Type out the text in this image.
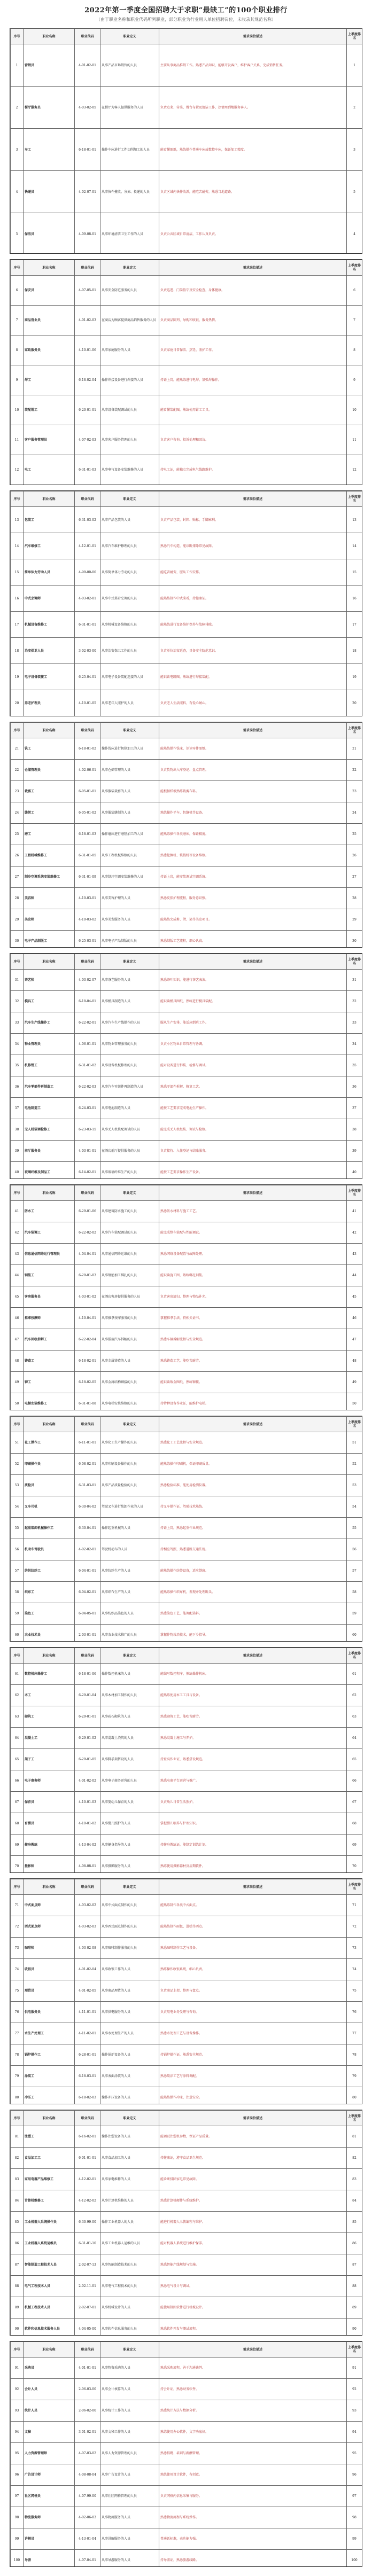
2022年第一季度全国招聘大于求职“最缺工”的100个职业排行
（由于职业名称和职业代码所列职业，部分职业为行业用人单位招聘岗位，未收录其规范名称）
序号	职业名称	职业代码	职业定义	需求岗位描述	上季度排名
1	营销员	4-01-02-01	从事产品市场销售的人员	主要从事商品推销工作。熟悉产品知识，能够开发客户，维护客户关系，完成销售任务。	1
2	餐厅服务员	4-03-02-05	在餐厅为客人提供服务的人员	负责点菜、传菜、餐台布置及清洁工作，热情周到地服务客人。	2
3	车工	6-18-01-01	操作车床进行工件切削加工的人员	能看懂图纸，熟练操作普通车床或数控车床，保证加工精度。	3
4	快递员	4-02-07-01	从事快件揽收、分拣、投递的人员	负责区域内快件收派，能吃苦耐劳，熟悉当地道路。	5
5	保洁员	4-09-08-01	从事环境清洁卫生工作的人员	负责公共区域日常清洁，工作认真负责。	4
序号	职业名称	职业代码	职业定义	需求岗位描述	上季度排名
6	保安员	4-07-05-01	从事安全防范服务的人员	负责巡逻、门岗值守及安全检查，身体健康。	6
7	商品营业员	4-01-02-03	在商店为顾客提供商品销售服务的人员	负责商品陈列、导购和收银，服务热情。	7
8	家政服务员	4-10-01-06	从事家庭服务的人员	负责家庭日常保洁、烹饪、照护工作。	8
9	焊工	6-18-02-04	操作焊接设备进行焊接的人员	持证上岗，能熟练进行电焊、氩弧焊操作。	9
10	装配钳工	6-20-01-01	从事设备装配调试的人员	能看懂装配图，熟练使用钳工工具。	10
11	客户服务管理员	4-07-02-03	从事客户服务管理的人员	负责客户咨询、投诉处理和回访。	11
12	电工	6-31-01-03	从事电气设备安装维修的人员	持电工证，能独立完成电气线路维护。	12
序号	职业名称	职业代码	职业定义	需求岗位描述	上季度排名
13	包装工	6-31-03-02	从事产品包装的人员	负责产品包装、封箱、贴标，手脚麻利。	13
14	汽车维修工	4-12-01-01	从事汽车维护修理的人员	熟悉汽车构造，能诊断排除常见故障。	14
15	简单体力劳动人员	4-99-00-00	从事简单体力劳动的人员	能吃苦耐劳，服从工作安排。	15
16	中式烹调师	4-03-02-01	从事中式菜肴烹调的人员	能熟练制作中式菜肴，持健康证。	16
17	机械设备维修工	6-31-01-01	从事机械设备维修的人员	能熟练进行设备维护保养与故障排除。	17
18	治安保卫人员	3-02-03-00	从事治安保卫工作的人员	负责单位治安巡查，具备安全防范意识。	18
19	电子设备装接工	6-25-04-01	从事电子设备装配连接的人员	能识读电路图，熟练进行焊接装配。	19
20	养老护理员	4-10-01-05	从事老年人照护的人员	负责老人生活照料，有爱心耐心。	20
序号	职业名称	职业代码	职业定义	需求岗位描述	上季度排名
21	铣工	6-18-01-02	操作铣床进行切削加工的人员	能熟练操作铣床，识读零件图纸。	21
22	仓储管理员	4-02-06-01	从事仓储管理的人员	负责货物出入库登记、盘点管理。	22
23	裁剪工	6-05-01-01	从事服装裁剪的人员	能根据样板熟练裁剪布料。	23
24	缝纫工	6-05-01-02	从事服装缝制的人员	熟练操作平车、包缝机等设备。	24
25	磨工	6-18-01-03	操作磨床进行磨削加工的人员	能熟练操作各类磨床，保证精度。	25
26	工程机械维修工	6-31-01-05	从事工程机械维修的人员	熟悉挖掘机、装载机等设备维修。	26
27	制冷空调系统安装维修工	6-31-01-09	从事制冷空调安装维修的人员	持证上岗，能安装调试空调系统。	27
28	美容师	4-10-03-01	从事美容护理的人员	熟悉皮肤护理流程，服务意识强。	28
29	美发师	4-10-03-02	从事美发服务的人员	能熟练完成剪、烫、染等美发项目。	29
30	电子产品制版工	6-25-03-01	从事电子产品制版的人员	熟悉制版工艺流程，细心认真。	30
序号	职业名称	职业代码	职业定义	需求岗位描述	上季度排名
31	茶艺师	4-03-02-07	从事茶艺服务的人员	熟悉茶叶知识，能进行茶艺表演。	31
32	模具工	6-18-04-01	从事模具制造的人员	能识读模具图纸，熟练进行模具装配。	32
33	汽车生产线操作工	6-22-02-01	从事汽车生产线操作的人员	服从生产安排，能适应倒班工作。	33
34	物业管理员	4-06-01-01	从事物业管理服务的人员	负责小区物业日常管理与协调。	34
35	机修钳工	6-31-01-02	从事设备机械修理的人员	能对设备进行拆装、检修与调试。	35
36	汽车零部件再制造工	6-22-02-03	从事汽车零部件再制造的人员	熟悉零部件拆解、修复工艺。	36
37	电池制造工	6-24-03-01	从事电池制造的人员	能按工艺要求完成电池生产操作。	37
38	无人机装调检修工	6-23-03-15	从事无人机装配调试的人员	能完成无人机组装、调试与检修。	38
39	前厅服务员	4-03-01-01	在酒店前厅提供服务的人员	负责接待、入住登记与结账服务。	39
40	玻璃纤维及制品工	6-14-02-01	从事玻璃纤维生产的人员	能按工艺要求操作生产设备。	40
序号	职业名称	职业代码	职业定义	需求岗位描述	上季度排名
41	防水工	6-29-01-06	从事建筑防水施工的人员	熟悉防水材料与施工工艺。	41
42	汽车装调工	6-22-02-02	从事汽车装配调试的人员	能完成整车装配与性能调试。	42
43	信息通信网络运行管理员	4-04-04-01	从事通信网络运维的人员	熟悉网络设备配置与故障处理。	43
44	钢筋工	6-29-01-03	从事钢筋加工绑扎的人员	能识读施工图，熟练绑扎钢筋。	44
45	客房服务员	4-03-01-02	在酒店客房提供服务的人员	负责客房清扫、整理与物品补充。	45
46	推拿按摩师	4-10-04-01	从事推拿按摩服务的人员	掌握推拿手法，持相关证书。	46
47	汽车回收拆解工	6-22-02-04	从事报废汽车拆解的人员	熟悉车辆拆解流程与安全规范。	47
48	铸造工	6-18-02-01	从事金属铸造的人员	熟悉铸造工艺，能吃苦耐劳。	48
49	铆工	6-18-02-05	从事金属结构铆接的人员	能识读钣金图纸，熟练铆接。	49
50	电梯安装维修工	6-31-01-08	从事电梯安装维修的人员	持特种设备作业证，能维护电梯。	50
序号	职业名称	职业代码	职业定义	需求岗位描述	上季度排名
51	化工操作工	6-11-01-01	从事化工生产操作的人员	熟悉化工工艺流程与安全规范。	51
52	印刷操作员	6-08-02-01	从事印刷设备操作的人员	能熟练操作印刷机，保证印刷质量。	52
53	质检员	6-31-03-01	从事产品质量检验的人员	熟悉检验标准，能使用检测仪器。	53
54	叉车司机	6-30-04-02	驾驶叉车进行装卸作业的人员	持叉车操作证，驾驶技术熟练。	54
55	起重装卸机械操作工	6-30-04-01	操作起重机械的人员	持证上岗，熟悉起重作业规范。	55
56	机动车驾驶员	4-02-02-01	驾驶机动车的人员	持相应驾照，熟悉道路交通法规。	56
57	纺织纺纱工	6-04-01-01	从事纺纱生产的人员	能熟练操作纺纱设备，适应倒班。	57
58	织布工	6-04-02-01	从事织布生产的人员	能熟练操作织布机，发现并处理断头。	58
59	染色工	6-04-05-01	从事纺织品染色的人员	熟悉染色工艺，能调配染料。	59
60	农业技术员	2-03-01-01	从事农业技术推广的人员	掌握作物栽培技术，能下乡指导。	60
序号	职业名称	职业代码	职业定义	需求岗位描述	上季度排名
61	数控机床操作工	6-18-01-06	操作数控机床的人员	能编写数控程序，熟练操作机床。	61
62	木工	6-29-01-04	从事木材加工制作的人员	能熟练使用木工工具与设备。	62
63	砌筑工	6-29-01-01	从事砖石砌筑的人员	熟悉砌筑工艺，能吃苦耐劳。	63
64	混凝土工	6-29-01-02	从事混凝土浇筑的人员	熟悉混凝土施工与养护。	64
65	架子工	6-29-01-05	从事脚手架搭设的人员	持登高作业证，熟悉搭设规范。	65
66	电子商务师	4-01-02-02	从事电子商务运营的人员	熟悉电商平台运营与推广。	66
67	保育员	4-10-01-03	从事婴幼儿保育的人员	负责幼儿日常生活照护。	67
68	育婴员	4-10-01-02	从事婴儿照护的人员	掌握婴儿喂养与护理知识。	68
69	健身教练	4-13-04-02	从事健身指导的人员	持健身教练证，能制定训练计划。	69
70	摄影师	4-08-08-01	从事摄影服务的人员	熟练使用摄影器材及后期软件。	70
序号	职业名称	职业代码	职业定义	需求岗位描述	上季度排名
71	中式面点师	4-03-02-02	从事中式面点制作的人员	能熟练制作各类中式面点。	71
72	西式面点师	4-03-02-03	从事西式面点制作的人员	能熟练制作面包、蛋糕等西点。	72
73	咖啡师	4-03-02-08	从事咖啡制作服务的人员	熟悉咖啡制作工艺与设备。	73
74	收银员	4-01-02-04	从事收银工作的人员	熟练操作收银系统，细心负责。	74
75	理货员	4-01-02-05	从事商品理货的人员	负责商品上架、整理与盘点。	75
76	供电服务员	4-11-01-01	从事供电服务的人员	负责用电业务受理与咨询。	76
77	水生产处理工	4-11-02-01	从事水处理生产的人员	熟悉水处理工艺与设备操作。	77
78	锅炉操作工	6-28-01-01	操作锅炉设备的人员	持锅炉操作证，熟悉安全规范。	78
79	涂装工	6-18-03-01	从事表面涂装的人员	熟悉喷涂工艺与涂料调配。	79
80	冲压工	6-18-02-03	操作冲压设备的人员	能熟练操作冲床，注意安全。	80
序号	职业名称	职业代码	职业定义	需求岗位描述	上季度排名
81	注塑工	6-16-02-01	操作注塑设备的人员	能调试注塑机参数，保证产品质量。	81
82	食品加工工	6-01-01-01	从事食品加工的人员	持健康证，遵守食品卫生规范。	82
83	家用电器产品维修工	4-12-02-01	从事家电维修的人员	能诊断排除家电常见故障。	83
84	计算机维修工	4-12-02-02	从事计算机维修的人员	熟悉计算机硬件与系统维护。	84
85	工业机器人系统操作员	6-30-99-00	操作工业机器人的人员	能进行机器人示教编程与维护。	85
86	工业机器人系统运维员	6-31-01-10	从事工业机器人运维的人员	能对机器人系统进行维护保养。	86
87	智能制造工程技术人员	2-02-07-13	从事智能制造技术的人员	熟悉智能产线规划与实施。	87
88	电气工程技术人员	2-02-11-01	从事电气工程技术的人员	熟悉电气设计与调试。	88
89	机械工程技术人员	2-02-07-01	从事机械设计的人员	能使用制图软件进行机械设计。	89
90	软件和信息技术服务人员	4-04-05-00	从事软件信息服务的人员	熟悉软件开发与测试流程。	90
序号	职业名称	职业代码	职业定义	需求岗位描述	上季度排名
91	采购员	4-01-01-01	从事物资采购的人员	熟悉采购流程，善于沟通谈判。	91
92	会计人员	2-06-03-00	从事会计核算的人员	持会计证，熟悉财务软件。	92
93	统计人员	2-06-02-00	从事统计工作的人员	熟悉统计方法与数据分析。	93
94	文秘	3-01-02-01	从事文秘工作的人员	熟练使用办公软件，文字功底好。	94
95	人力资源管理师	4-07-03-02	从事人力资源管理的人员	熟悉招聘、培训与薪酬管理。	95
96	广告设计师	4-08-08-04	从事广告设计的人员	熟练使用设计软件，有创意。	96
97	社区网格员	4-07-99-00	从事社区网格管理的人员	负责网格内信息采集与服务。	97
98	物流服务师	4-02-06-03	从事物流服务的人员	熟悉物流流程与系统操作。	98
99	讲解员	4-13-01-04	从事讲解服务的人员	普通话标准，表达能力强。	99
100	导游	4-07-04-01	从事导游服务的人员	持导游证，熟悉旅游线路。	100
